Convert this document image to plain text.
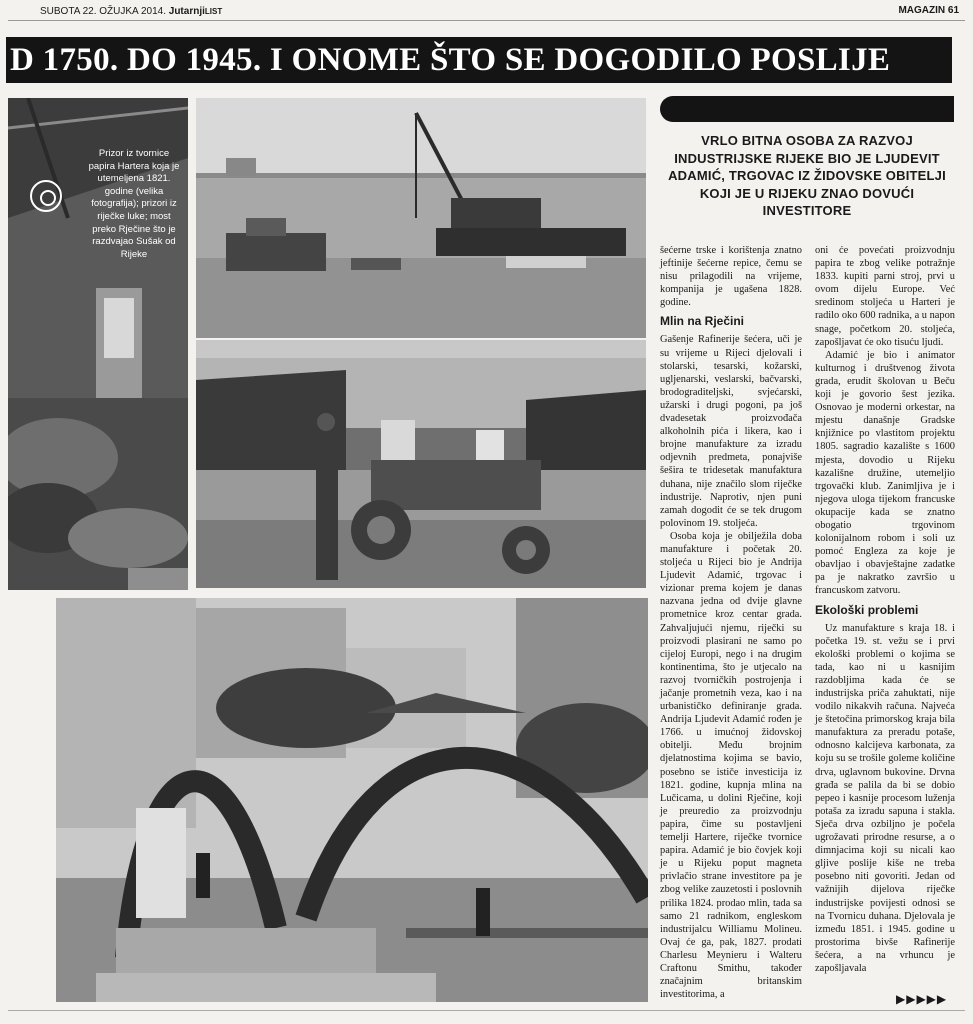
SUBOTA 22. OŽUJKA 2014. JutarnjiLIST	MAGAZIN 61
D 1750. DO 1945. I ONOME ŠTO SE DOGODILO POSLIJE
Prizor iz tvornice papira Hartera koja je utemeljena 1821. godine (velika fotografija); prizori iz riječke luke; most preko Rječine što je razdvajao Sušak od Rijeke
VRLO BITNA OSOBA ZA RAZVOJ INDUSTRIJSKE RIJEKE BIO JE LJUDEVIT ADAMIĆ, TRGOVAC IZ ŽIDOVSKE OBITELJI KOJI JE U RIJEKU ZNAO DOVUĆI INVESTITORE

šećerne trske i korištenja znatno jeftinije šećerne repice, čemu se nisu prilagodili na vrijeme, kompanija je ugašena 1828. godine.

Mlin na Rječini

Gašenje Rafinerije šećera, uči je su vrijeme u Rijeci djelovali i stolarski, tesarski, kožarski, ugljenarski, veslarski, bačvarski, brodograditeljski, svjećarski, užarski i drugi pogoni, pa još dvadesetak proizvođača alkoholnih pića i likera, kao i brojne manufakture za izradu odjevnih predmeta, ponajviše šešira te tridesetak manufaktura duhana, nije značilo slom riječke industrije. Naprotiv, njen puni zamah dogodit će se tek drugom polovinom 19. stoljeća.

Osoba koja je obilježila doba manufakture i početak 20. stoljeća u Rijeci bio je Andrija Ljudevit Adamić, trgovac i vizionar prema kojem je danas nazvana jedna od dvije glavne prometnice kroz centar grada. Zahvaljujući njemu, riječki su proizvodi plasirani ne samo po cijeloj Europi, nego i na drugim kontinentima, što je utjecalo na razvoj tvorničkih postrojenja i jačanje prometnih veza, kao i na urbanističko definiranje grada. Andrija Ljudevit Adamić rođen je 1766. u imućnoj židovskoj obitelji. Među brojnim djelatnostima kojima se bavio, posebno se ističe investicija iz 1821. godine, kupnja mlina na Lučicama, u dolini Rječine, koji je preuredio za proizvodnju papira, čime su postavljeni temelji Hartere, riječke tvornice papira. Adamić je bio čovjek koji je u Rijeku poput magneta privlačio strane investitore pa je zbog velike zauzetosti i poslovnih prilika 1824. prodao mlin, tada sa samo 21 radnikom, engleskom industrijalcu Williamu Molineu. Ovaj će ga, pak, 1827. prodati Charlesu Meynieru i Walteru Craftonu Smithu, također značajnim britanskim investitorima, a

oni će povećati proizvodnju papira te zbog velike potražnje 1833. kupiti parni stroj, prvi u ovom dijelu Europe. Već sredinom stoljeća u Harteri je radilo oko 600 radnika, a u napon snage, početkom 20. stoljeća, zapošljavat će oko tisuću ljudi.

Adamić je bio i animator kulturnog i društvenog života grada, erudit školovan u Beču koji je govorio šest jezika. Osnovao je moderni orkestar, na mjestu današnje Gradske knjižnice po vlastitom projektu 1805. sagradio kazalište s 1600 mjesta, dovodio u Rijeku kazališne družine, utemeljio trgovački klub. Zanimljiva je i njegova uloga tijekom francuske okupacije kada se znatno obogatio trgovinom kolonijalnom robom i soli uz pomoć Engleza za koje je obavljao i obavještajne zadatke pa je nakratko završio u francuskom zatvoru.

Ekološki problemi

Uz manufakture s kraja 18. i početka 19. st. vežu se i prvi ekološki problemi o kojima se tada, kao ni u kasnijim razdobljima kada će se industrijska priča zahuktati, nije vodilo nikakvih računa. Najveća je štetočina primorskog kraja bila manufaktura za preradu potaše, odnosno kalcijeva karbonata, za koju su se trošile goleme količine drva, uglavnom bukovine. Drvna građa se palila da bi se dobio pepeo i kasnije procesom luženja potaša za izradu sapuna i stakla. Sječa drva ozbiljno je počela ugrožavati prirodne resurse, a o dimnjacima koji su nicali kao gljive poslije kiše ne treba posebno niti govoriti. Jedan od važnijih dijelova riječke industrijske povijesti odnosi se na Tvornicu duhana. Djelovala je između 1851. i 1945. godine u prostorima bivše Rafinerije šećera, a na vrhuncu je zapošljavala

▶▶▶▶▶
